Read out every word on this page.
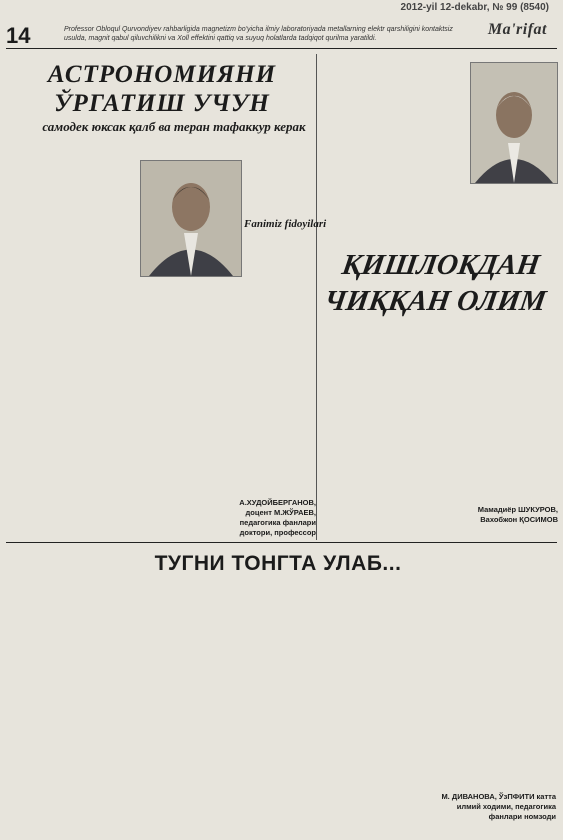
2012-yil 12-dekabr, № 99 (8540)
14	Professor Obloqul Qurvondiyev rahbarligida magnetizm bo'yicha ilmiy laboratoriyada metallarning elektr qarshiligini kontaktsiz usulda, magnit qabul qiluvchilikni va Xoll effektini qattiq va suyuq holatlarda tadqiqot qurilma yaratildi.
Ma'rifat
АСТРОНОМИЯНИ ЎРГАТИШ УЧУН
самодек юксак қалб ва теран тафаккур керак
А.ХУДОЙБЕРГАНОВ, доцент М.ЖЎРАЕВ, педагогика фанлари доктори, профессор
Fanimiz fidoyilari
ҚИШЛОҚДАН ЧИҚҚАН ОЛИМ
Мамадиёр ШУКУРОВ, Вахобжон ҚОСИМОВ
ТУГНИ ТОНГТА УЛАБ...
М. ДИВАНОВА, ЎзПФИТИ катта илмий ходими, педагогика фанлари номзоди
